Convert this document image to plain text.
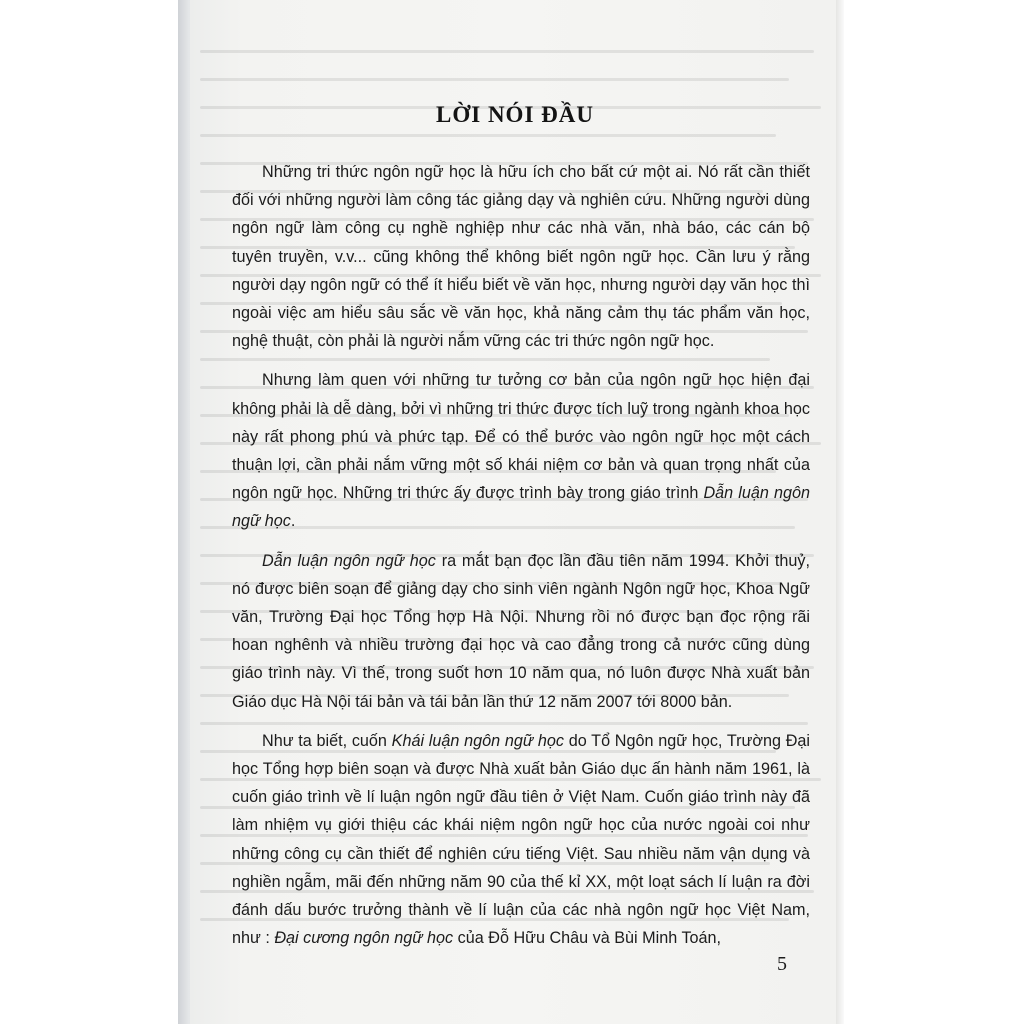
LỜI NÓI ĐẦU

Những tri thức ngôn ngữ học là hữu ích cho bất cứ một ai. Nó rất cần thiết đối với những người làm công tác giảng dạy và nghiên cứu. Những người dùng ngôn ngữ làm công cụ nghề nghiệp như các nhà văn, nhà báo, các cán bộ tuyên truyền, v.v... cũng không thể không biết ngôn ngữ học. Cần lưu ý rằng người dạy ngôn ngữ có thể ít hiểu biết về văn học, nhưng người dạy văn học thì ngoài việc am hiểu sâu sắc về văn học, khả năng cảm thụ tác phẩm văn học, nghệ thuật, còn phải là người nắm vững các tri thức ngôn ngữ học.

Nhưng làm quen với những tư tưởng cơ bản của ngôn ngữ học hiện đại không phải là dễ dàng, bởi vì những tri thức được tích luỹ trong ngành khoa học này rất phong phú và phức tạp. Để có thể bước vào ngôn ngữ học một cách thuận lợi, cần phải nắm vững một số khái niệm cơ bản và quan trọng nhất của ngôn ngữ học. Những tri thức ấy được trình bày trong giáo trình Dẫn luận ngôn ngữ học.

Dẫn luận ngôn ngữ học ra mắt bạn đọc lần đầu tiên năm 1994. Khởi thuỷ, nó được biên soạn để giảng dạy cho sinh viên ngành Ngôn ngữ học, Khoa Ngữ văn, Trường Đại học Tổng hợp Hà Nội. Nhưng rồi nó được bạn đọc rộng rãi hoan nghênh và nhiều trường đại học và cao đẳng trong cả nước cũng dùng giáo trình này. Vì thế, trong suốt hơn 10 năm qua, nó luôn được Nhà xuất bản Giáo dục Hà Nội tái bản và tái bản lần thứ 12 năm 2007 tới 8000 bản.

Như ta biết, cuốn Khái luận ngôn ngữ học do Tổ Ngôn ngữ học, Trường Đại học Tổng hợp biên soạn và được Nhà xuất bản Giáo dục ấn hành năm 1961, là cuốn giáo trình về lí luận ngôn ngữ đầu tiên ở Việt Nam. Cuốn giáo trình này đã làm nhiệm vụ giới thiệu các khái niệm ngôn ngữ học của nước ngoài coi như những công cụ cần thiết để nghiên cứu tiếng Việt. Sau nhiều năm vận dụng và nghiền ngẫm, mãi đến những năm 90 của thế kỉ XX, một loạt sách lí luận ra đời đánh dấu bước trưởng thành về lí luận của các nhà ngôn ngữ học Việt Nam, như : Đại cương ngôn ngữ học của Đỗ Hữu Châu và Bùi Minh Toán,

5
